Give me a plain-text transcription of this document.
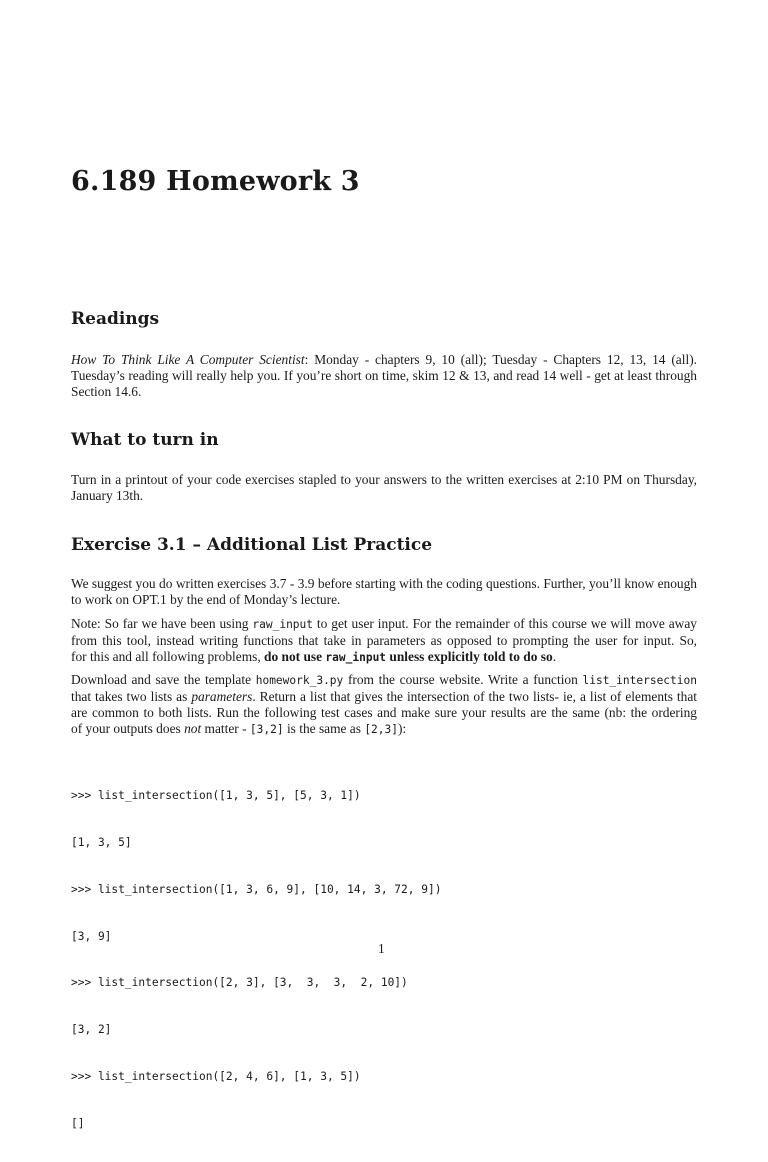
6.189 Homework 3
Readings
How To Think Like A Computer Scientist: Monday - chapters 9, 10 (all); Tuesday - Chapters 12, 13, 14 (all).
Tuesday’s reading will really help you. If you’re short on time, skim 12 & 13, and read 14 well - get at least through
Section 14.6.
What to turn in
Turn in a printout of your code exercises stapled to your answers to the written exercises at 2:10 PM on Thursday,
January 13th.
Exercise 3.1 – Additional List Practice
We suggest you do written exercises 3.7 - 3.9 before starting with the coding questions. Further, you’ll know enough
to work on OPT.1 by the end of Monday’s lecture.
Note: So far we have been using raw_input to get user input. For the remainder of this course we will move away
from this tool, instead writing functions that take in parameters as opposed to prompting the user for input. So,
for this and all following problems, do not use raw_input unless explicitly told to do so.
Download and save the template homework_3.py from the course website. Write a function list_intersection
that takes two lists as parameters. Return a list that gives the intersection of the two lists- ie, a list of elements that
are common to both lists. Run the following test cases and make sure your results are the same (nb: the ordering
of your outputs does not matter - [3,2] is the same as [2,3]):

>>> list_intersection([1, 3, 5], [5, 3, 1])

[1, 3, 5]

>>> list_intersection([1, 3, 6, 9], [10, 14, 3, 72, 9])

[3, 9]

>>> list_intersection([2, 3], [3,  3,  3,  2, 10])

[3, 2]

>>> list_intersection([2, 4, 6], [1, 3, 5])

[]

1
